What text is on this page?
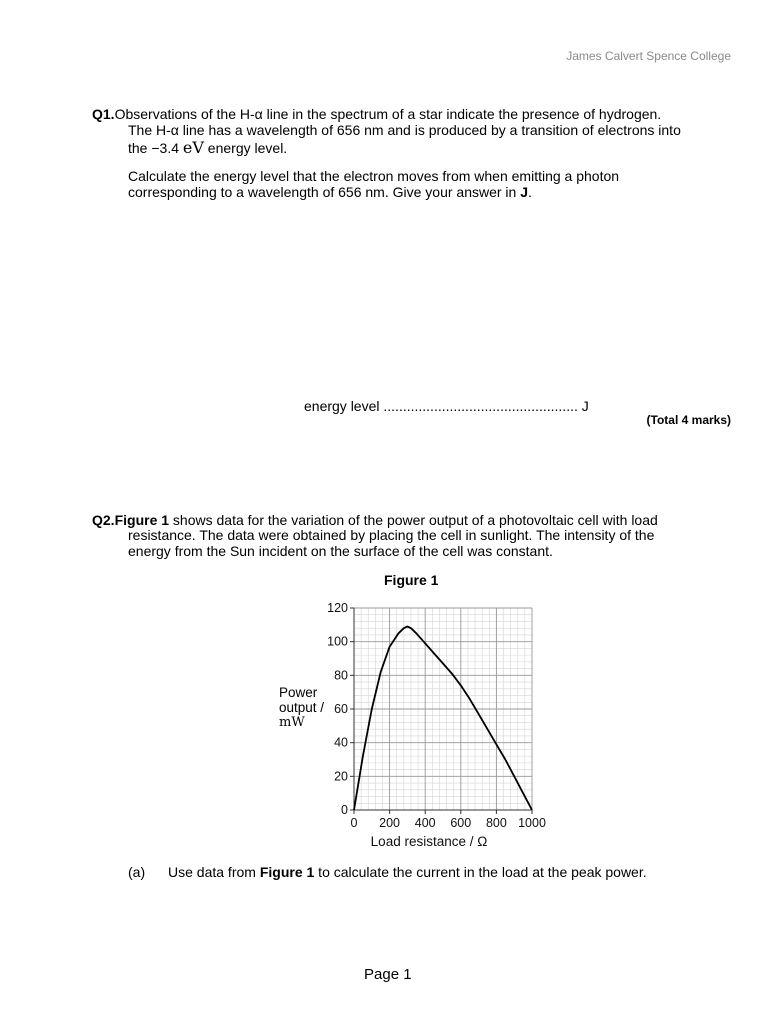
James Calvert Spence College
Q1.Observations of the H-α line in the spectrum of a star indicate the presence of hydrogen.
The H-α line has a wavelength of 656 nm and is produced by a transition of electrons into
the −3.4 eV energy level.
Calculate the energy level that the electron moves from when emitting a photon
corresponding to a wavelength of 656 nm. Give your answer in J.
energy level .................................................. J
(Total 4 marks)
Q2.Figure 1 shows data for the variation of the power output of a photovoltaic cell with load
resistance. The data were obtained by placing the cell in sunlight. The intensity of the
energy from the Sun incident on the surface of the cell was constant.
Figure 1
Power
output /
mW
0
20
40
60
80
100
120
0 200 400 600 800 1000
Load resistance / Ω
(a) Use data from Figure 1 to calculate the current in the load at the peak power.
Page 1
